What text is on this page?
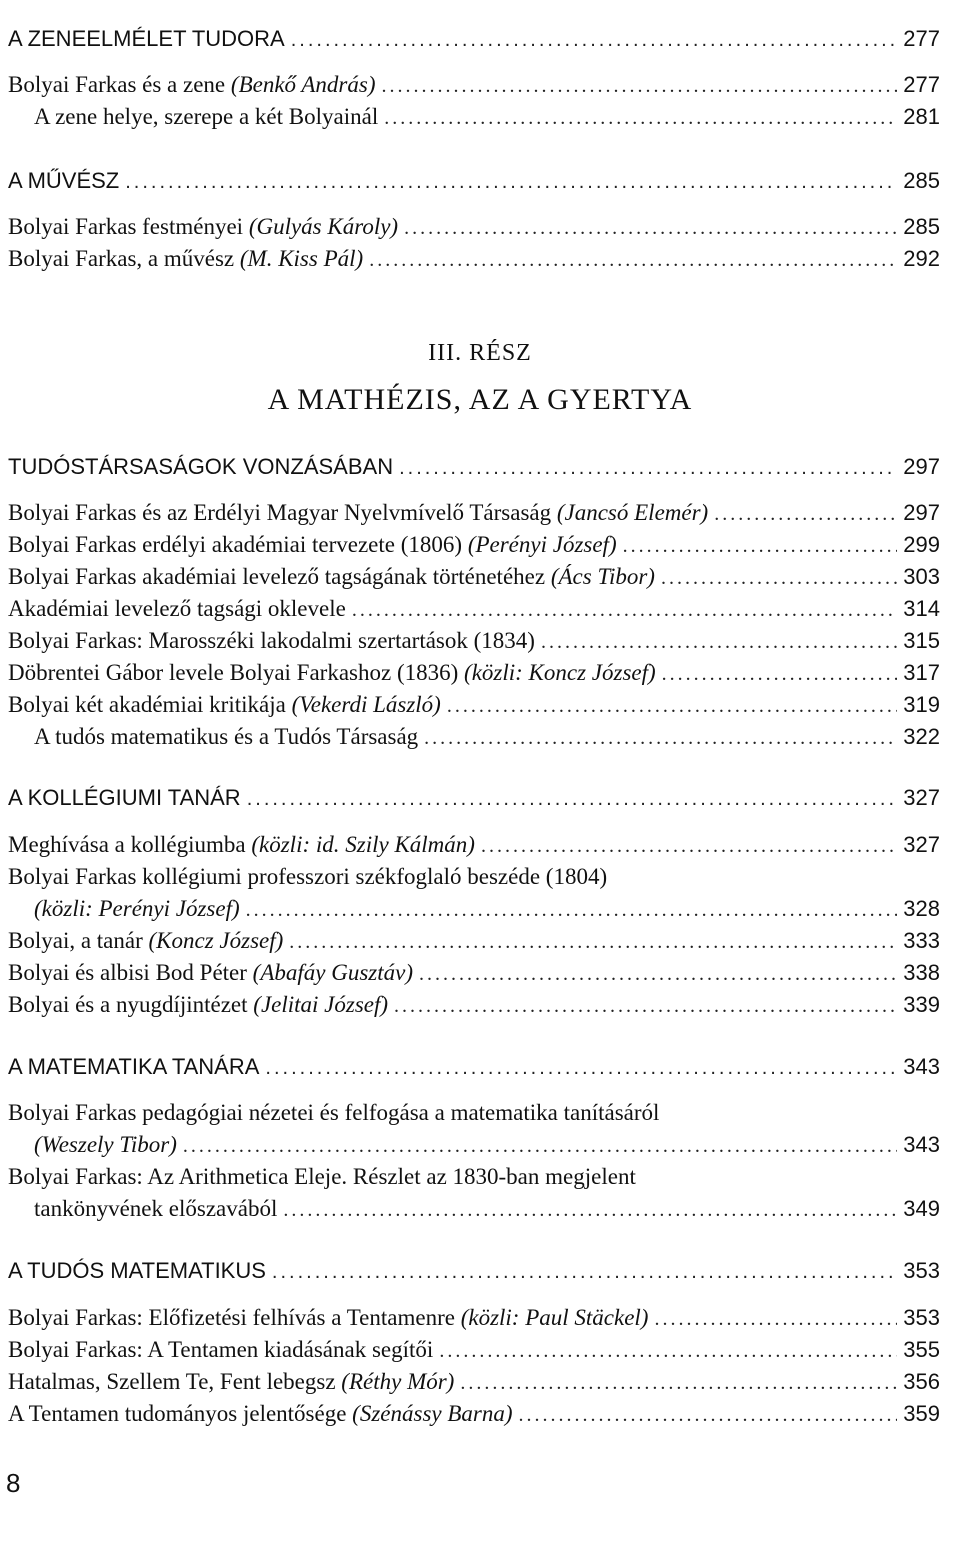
A ZENEELMÉLET TUDORA .....	277
Bolyai Farkas és a zene (Benkő András) .....	277
A zene helye, szerepe a két Bolyainál .....	281
A MŰVÉSZ .....	285
Bolyai Farkas festményei (Gulyás Károly) .....	285
Bolyai Farkas, a művész (M. Kiss Pál) .....	292
III. RÉSZ
A MATHÉZIS, AZ A GYERTYA
TUDÓSTÁRSASÁGOK VONZÁSÁBAN .....	297
Bolyai Farkas és az Erdélyi Magyar Nyelvmívelő Társaság (Jancsó Elemér) .....	297
Bolyai Farkas erdélyi akadémiai tervezete (1806) (Perényi József) .....	299
Bolyai Farkas akadémiai levelező tagságának történetéhez (Ács Tibor) .....	303
Akadémiai levelező tagsági oklevele .....	314
Bolyai Farkas: Marosszéki lakodalmi szertartások (1834) .....	315
Döbrentei Gábor levele Bolyai Farkashoz (1836) (közli: Koncz József) .....	317
Bolyai két akadémiai kritikája (Vekerdi László) .....	319
A tudós matematikus és a Tudós Társaság .....	322
A KOLLÉGIUMI TANÁR .....	327
Meghívása a kollégiumba (közli: id. Szily Kálmán) .....	327
Bolyai Farkas kollégiumi professzori székfoglaló beszéde (1804)
(közli: Perényi József) .....	328
Bolyai, a tanár (Koncz József) .....	333
Bolyai és albisi Bod Péter (Abafáy Gusztáv) .....	338
Bolyai és a nyugdíjintézet (Jelitai József) .....	339
A MATEMATIKA TANÁRA .....	343
Bolyai Farkas pedagógiai nézetei és felfogása a matematika tanításáról
(Weszely Tibor) .....	343
Bolyai Farkas: Az Arithmetica Eleje. Részlet az 1830-ban megjelent
tankönyvének előszavából .....	349
A TUDÓS MATEMATIKUS .....	353
Bolyai Farkas: Előfizetési felhívás a Tentamenre (közli: Paul Stäckel) .....	353
Bolyai Farkas: A Tentamen kiadásának segítői .....	355
Hatalmas, Szellem Te, Fent lebegsz (Réthy Mór) .....	356
A Tentamen tudományos jelentősége (Szénássy Barna) .....	359
8
